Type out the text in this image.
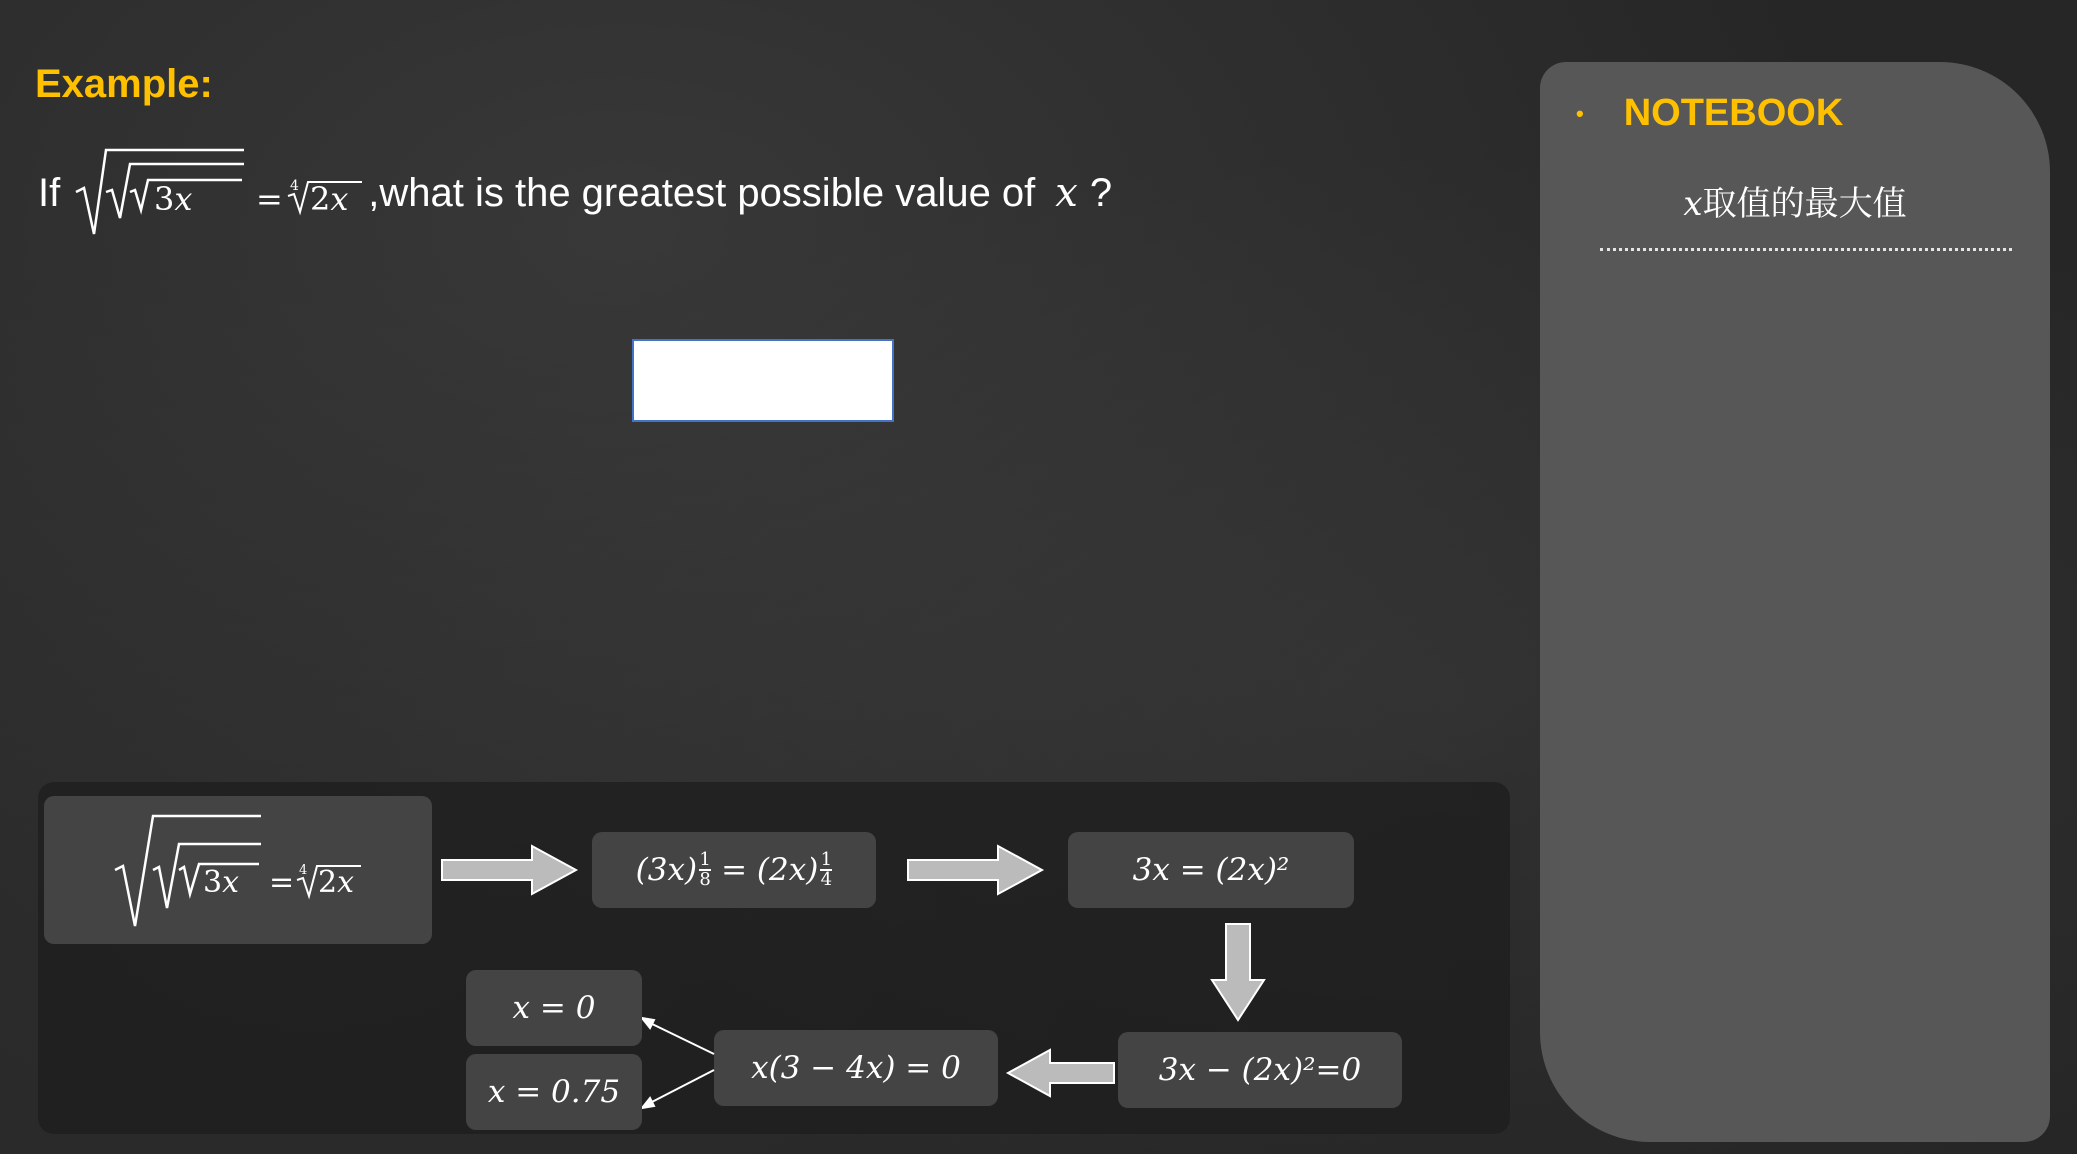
Example:
If	3x = 4 2x ,what is the greatest possible value of x ?
• NOTEBOOK
x取值的最大值
3x = 4 2x	$(3x) \frac{1}{8} = (2x) \frac{1}{4}$	3x = (2x)²
3x − (2x)²=0
x(3 − 4x) = 0
x = 0
x = 0.75
